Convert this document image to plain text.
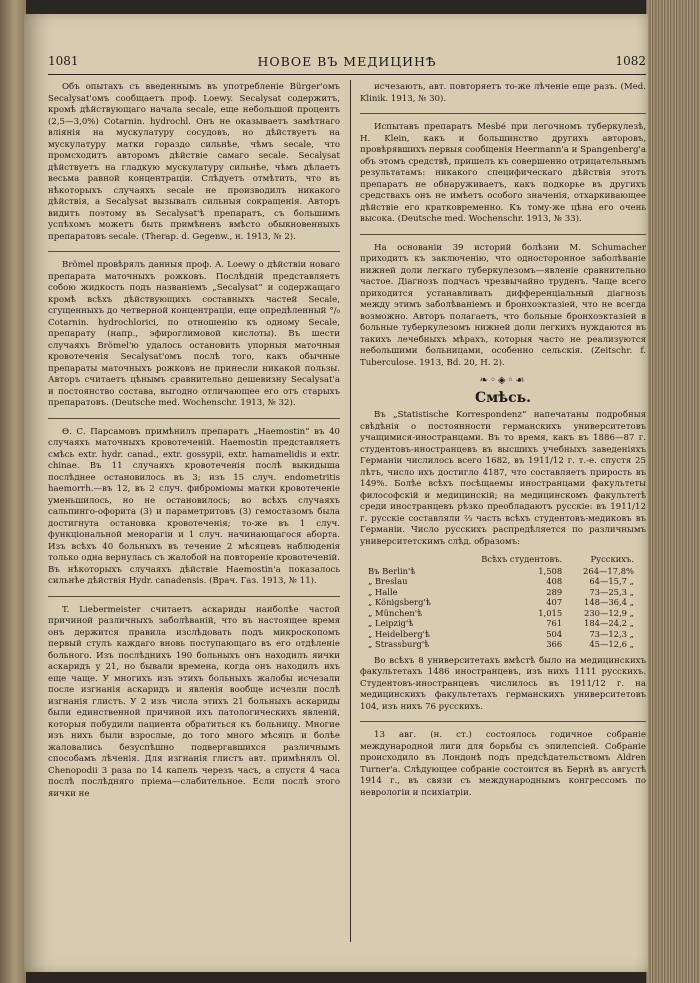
1081	НОВОЕ ВЪ МЕДИЦИНѢ	1082

Объ опытахъ съ введеннымъ въ употребленіе Bürger'омъ Secalysat'омъ сообщаетъ проф. Loewy. Secalysat содержитъ, кромѣ дѣйствующаго начала secale, еще небольшой процентъ (2,5—3,0%) Cotarnin. hydrochl. Онъ не оказываетъ замѣтнаго вліянія на мускулатуру сосудовъ, но дѣйствуетъ на мускулатуру матки гораздо сильнѣе, чѣмъ secale, что промсходитъ авторомъ дѣйствіе самаго secale. Secalysat дѣйствуетъ на гладкую мускулатуру сильнѣе, чѣмъ дѣлаетъ весьма равной концентраціи. Слѣдуетъ отмѣтить, что въ нѣкоторыхъ случаяхъ secale не производилъ никакого дѣйствія, а Secalysat вызывалъ сильныя сокращенія. Авторъ видитъ поэтому въ Secalysat'ѣ препаратъ, съ большимъ успѣхомъ можетъ быть примѣненъ вмѣсто обыкновенныхъ препаратовъ secale. (Therap. d. Gegenw., н. 1913, № 2).

Brömel провѣрялъ данныя проф. A. Loewy о дѣйствіи новаго препарата маточныхъ рожковъ. Послѣдній представляетъ собою жидкость подъ названіемъ „Secalysat“ и содержащаго кромѣ всѣхъ дѣйствующихъ составныхъ частей Secale, сгущенныхъ до четверной концентраціи, еще опредѣленный °/₀ Cotarnin. hydrochlorici, по отношенію къ одному Secale, препарату (напр., эфироглимовой кислоты). Въ шести случаяхъ Brömel'ю удалось остановить упорныя маточныя кровотеченія Secalysat'омъ послѣ того, какъ обычные препараты маточныхъ рожковъ не принесли никакой пользы. Авторъ считаетъ цѣнымъ сравнительно дешевизну Secalysat'а и постоянство состава, выгодно отличающее его отъ старыхъ препаратовъ. (Deutsche med. Wochenschr. 1913, № 32).

Ѳ. С. Парсамовъ примѣнилъ препаратъ „Haemostin“ въ 40 случаяхъ маточныхъ кровотеченій. Haemostin представляетъ смѣсь extr. hydr. canad., extr. gossypii, extr. hamamelidis и extr. chinae. Въ 11 случаяхъ кровотеченія послѣ выкидыша послѣднее остановилось въ 3; изъ 15 случ. endometritis haemorrh.—въ 12, въ 2 случ. фиброміомы матки кровотеченіе уменьшилось, но не остановилось; во всѣхъ случаяхъ сальпинго-офорита (3) и параметритовъ (3) гемостазомъ была достигнута остановка кровотеченія; то-же въ 1 случ. функціональной менорагіи и 1 случ. начинающагося аборта. Изъ всѣхъ 40 больныхъ въ течение 2 мѣсяцевъ наблюденія только одна вернулась съ жалобой на повтореніе кровотеченій. Въ нѣкоторыхъ случаяхъ дѣйствіе Haemostin'а показалось сильнѣе дѣйствія Hydr. canadensis. (Врач. Газ. 1913, № 11).

T. Liebermeister считаетъ аскариды наиболѣе частой причиной различныхъ заболѣваній, что въ настоящее время онъ держится правила изслѣдовать подъ микроскопомъ первый стулъ каждаго вновь поступающаго въ его отдѣленіе больного. Изъ послѣднихъ 190 больныхъ онъ находилъ яички аскаридъ у 21, но бывали времена, когда онъ находилъ ихъ еще чаще. У многихъ изъ этихъ больныхъ жалобы исчезали после изгнанія аскаридъ и явленія вообще исчезли послѣ изгнанія глистъ. У 2 изъ числа этихъ 21 больныхъ аскариды были единственной причиной ихъ патологическихъ явленій, которыя побудили пациента обратиться къ больницу. Многие изъ нихъ были взрослые, до того много мѣсяцъ и болѣе жаловались безуспѣшно подвергавшихся различнымъ способамъ лѣченія. Для изгнанія глистъ авт. примѣнялъ Ol. Chenopodii 3 раза по 14 капель черезъ часъ, а спустя 4 часа послѣ послѣдняго пріема—слабительное. Если послѣ этого яички не

исчезаютъ, авт. повторяетъ то-же лѣченіе еще разъ. (Med. Klinik. 1913, № 30).

Испытавъ препаратъ Mesbé при легочномъ туберкулезѣ, H. Klein, какъ и большинство другихъ авторовъ, провѣрявшихъ первыя сообщенія Heermann'а и Spangenberg'а объ этомъ средствѣ, пришелъ къ совершенно отрицательнымъ результатамъ: никакого специфическаго дѣйствія этотъ препаратъ не обнаруживаетъ, какъ подкорье въ другихъ средствахъ онъ не имѣетъ особого значенія, отхаркивающее дѣйствіе его кратковременно. Къ тому-же цѣна его очень высока. (Deutsche med. Wochenschr. 1913, № 33).

На основаніи 39 историй болѣзни M. Schumacher приходитъ къ заключенію, что односторонное заболѣваніе нижней доли легкаго туберкулезомъ—явленіе сравнительно частое. Діагнозъ подчасъ чрезвычайно труденъ. Чаще всего приходится устанавливать дифференціальный діагнозъ между этимъ заболѣваніемъ и бронхоэктазіей, что не всегда возможно. Авторъ полагаетъ, что больные бронхоэктазіей в больные туберкулезомъ нижней доли легкихъ нуждаются въ такихъ лечебныхъ мѣрахъ, которыя часто не реализуются небольшими больницами, особенно сельскія. (Zeitschr. f. Tuberculose. 1913, Bd. 20, H. 2).

❧◦◈◦☙
Смѣсь.

Въ „Statistische Korrespondenz“ напечатаны подробныя свѣдѣнія о постоянности германскихъ университетовъ учащимися-иностранцами. Въ то время, какъ въ 1886—87 г. студентовъ-иностранцевъ въ высшихъ учебныхъ заведеніяхъ Германіи числилось всего 1682, въ 1911/12 г. т.-е. спустя 25 лѣтъ, число ихъ достигло 4187, что составляетъ прирость въ 149%. Болѣе всѣхъ посѣщаемы иностранцами факультеты философскій и медицинскій; на медицинскомъ факультетѣ среди иностранцевъ рѣзко преобладаютъ русскіе: въ 1911/12 г. русскіе составляли ⅔ часть всѣхъ студентовъ-медиковъ въ Германіи. Число русскихъ распредѣляется по различнымъ университетскимъ слѣд. образомъ:

	Всѣхъ студентовъ.	Русскихъ.
Въ Berlin'ѣ	1,508	264—17,8%
„ Breslau	408	64—15,7 „
„ Halle	289	73—25,3 „
„ Königsberg'ѣ	407	148—36,4 „
„ München'ѣ	1,015	230—12,9 „
„ Leipzig'ѣ	761	184—24,2 „
„ Heidelberg'ѣ	504	73—12,3 „
„ Strassburg'ѣ	366	45—12,6 „

Во всѣхъ 8 университетахъ вмѣстѣ было на медицинскихъ факультетахъ 1486 иностранцевъ, изъ нихъ 1111 русскихъ. Студентовъ-иностранцевъ числилось въ 1911/12 г. на медицинскихъ факультетахъ германскихъ университетовъ 104, изъ нихъ 76 русскихъ.

13 авг. (н. ст.) состоялось годичное собраніе международной лиги для борьбы съ эпилепсіей. Собраніе происходило въ Лондонѣ подъ предсѣдательствомъ Aldren Turner'а. Слѣдующее собраніе состоится въ Бернѣ въ августѣ 1914 г., въ связи съ международнымъ конгрессомъ по неврологіи и психіатріи.
